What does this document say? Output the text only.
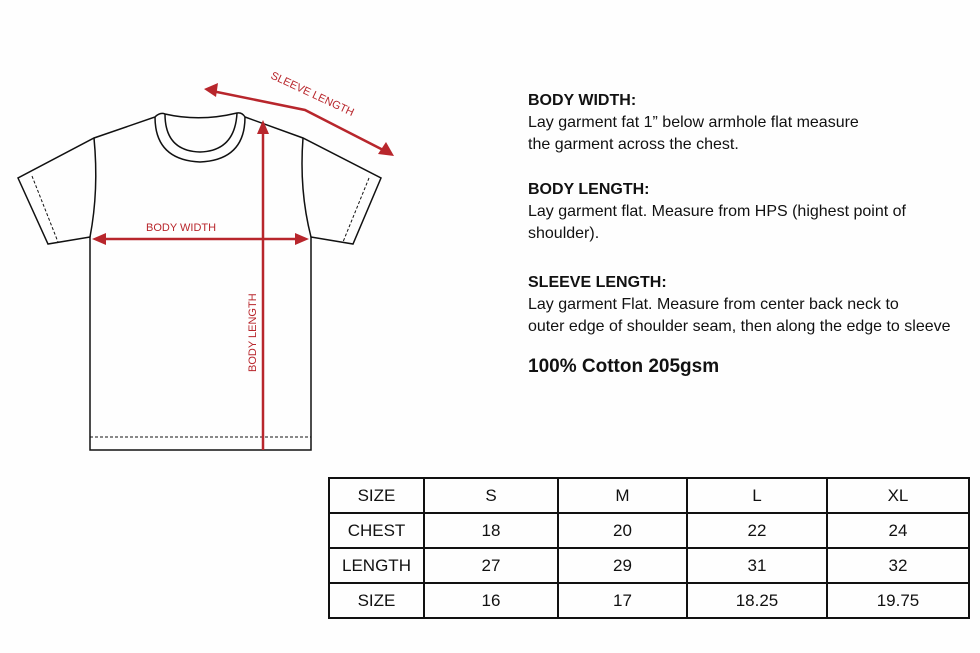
BODY WIDTH
BODY LENGTH
SLEEVE LENGTH	BODY WIDTH:
Lay garment fat 1” below armhole flat measure
the garment across the chest.
BODY LENGTH:
Lay garment flat. Measure from HPS (highest point of
shoulder).
SLEEVE LENGTH:
Lay garment Flat. Measure from center back neck to
outer edge of shoulder seam, then along the edge to sleeve
100% Cotton 205gsm
SIZE	S	M	L	XL
CHEST	18	20	22	24
LENGTH	27	29	31	32
SIZE	16	17	18.25	19.75
